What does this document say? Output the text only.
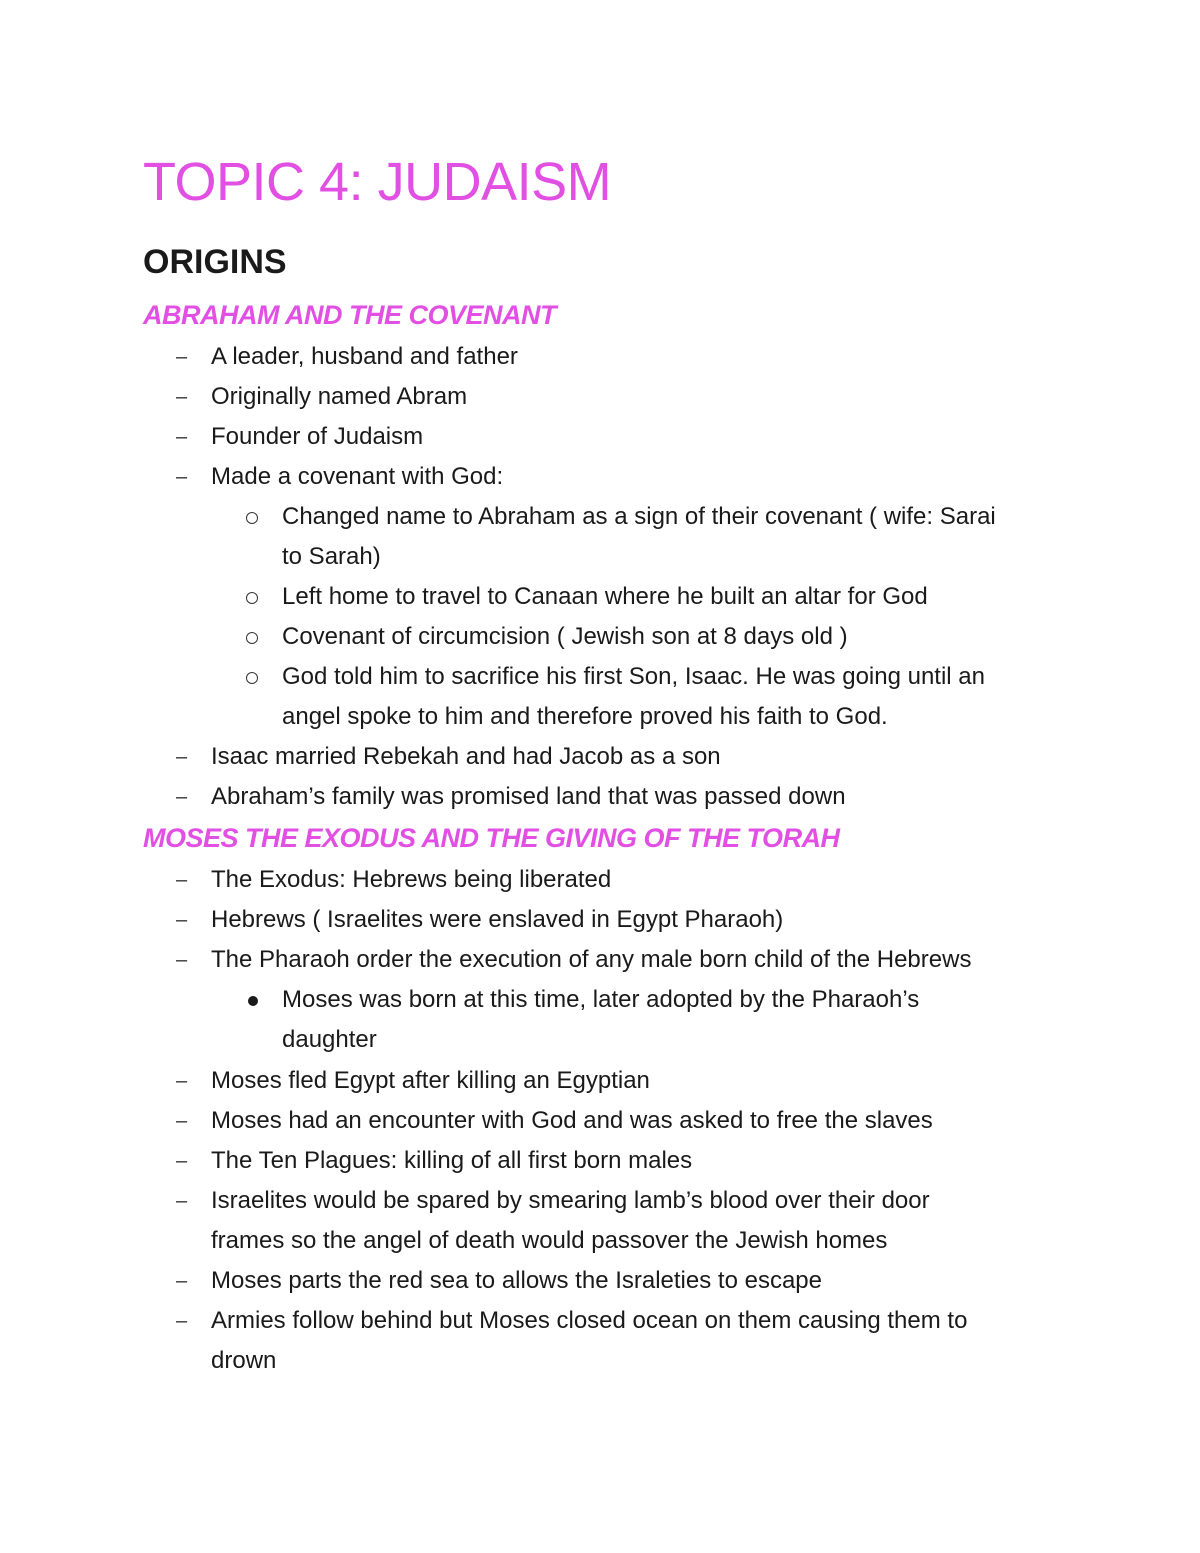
TOPIC 4: JUDAISM
ORIGINS
ABRAHAM AND THE COVENANT
– A leader, husband and father
– Originally named Abram
– Founder of Judaism
– Made a covenant with God:
Changed name to Abraham as a sign of their covenant ( wife: Sarai
to Sarah)
Left home to travel to Canaan where he built an altar for God
Covenant of circumcision ( Jewish son at 8 days old )
God told him to sacrifice his first Son, Isaac. He was going until an
angel spoke to him and therefore proved his faith to God.
– Isaac married Rebekah and had Jacob as a son
– Abraham’s family was promised land that was passed down
MOSES THE EXODUS AND THE GIVING OF THE TORAH
– The Exodus: Hebrews being liberated
– Hebrews ( Israelites were enslaved in Egypt Pharaoh)
– The Pharaoh order the execution of any male born child of the Hebrews
Moses was born at this time, later adopted by the Pharaoh’s
daughter
– Moses fled Egypt after killing an Egyptian
– Moses had an encounter with God and was asked to free the slaves
– The Ten Plagues: killing of all first born males
– Israelites would be spared by smearing lamb’s blood over their door
frames so the angel of death would passover the Jewish homes
– Moses parts the red sea to allows the Israleties to escape
– Armies follow behind but Moses closed ocean on them causing them to
drown
